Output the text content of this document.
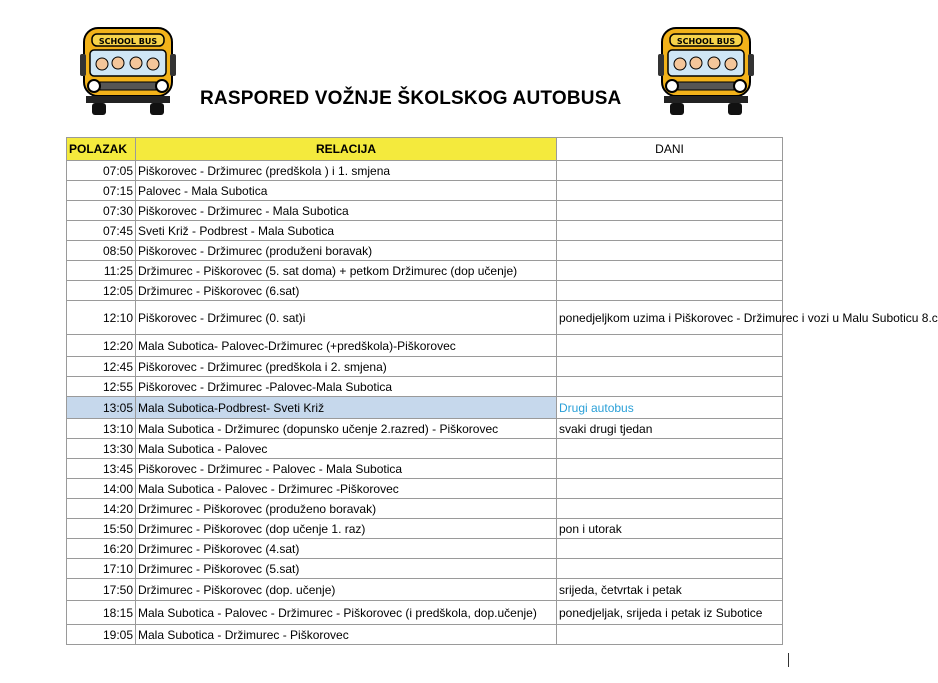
SCHOOL BUS	SCHOOL BUS
RASPORED VOŽNJE ŠKOLSKOG AUTOBUSA
POLAZAK	RELACIJA	DANI
07:05	Piškorovec - Držimurec (predškola ) i 1. smjena	
07:15	Palovec - Mala Subotica	
07:30	Piškorovec - Držimurec - Mala Subotica	
07:45	Sveti Križ - Podbrest - Mala Subotica	
08:50	Piškorovec - Držimurec (produženi boravak)	
11:25	Držimurec - Piškorovec (5. sat doma) + petkom Držimurec (dop učenje)	
12:05	Držimurec - Piškorovec (6.sat)	
12:10	Piškorovec - Držimurec (0. sat)i	ponedjeljkom uzima i Piškorovec - Držimurec i vozi u Malu Suboticu 8.c
12:20	Mala Subotica- Palovec-Držimurec (+predškola)-Piškorovec	
12:45	Piškorovec - Držimurec (predškola i 2. smjena)	
12:55	Piškorovec - Držimurec -Palovec-Mala Subotica	
13:05	Mala Subotica-Podbrest- Sveti Križ	Drugi autobus
13:10	Mala Subotica - Držimurec (dopunsko učenje 2.razred) - Piškorovec	svaki drugi tjedan
13:30	Mala Subotica - Palovec	
13:45	Piškorovec - Držimurec - Palovec - Mala Subotica	
14:00	Mala Subotica - Palovec - Držimurec -Piškorovec	
14:20	Držimurec - Piškorovec (produženo boravak)	
15:50	Držimurec - Piškorovec (dop učenje 1. raz)	pon i utorak
16:20	Držimurec - Piškorovec (4.sat)	
17:10	Držimurec - Piškorovec (5.sat)	
17:50	Držimurec - Piškorovec (dop. učenje)	srijeda, četvrtak i petak
18:15	Mala Subotica - Palovec - Držimurec - Piškorovec (i predškola, dop.učenje)	ponedjeljak, srijeda i petak iz Subotice
19:05	Mala Subotica - Držimurec - Piškorovec	
